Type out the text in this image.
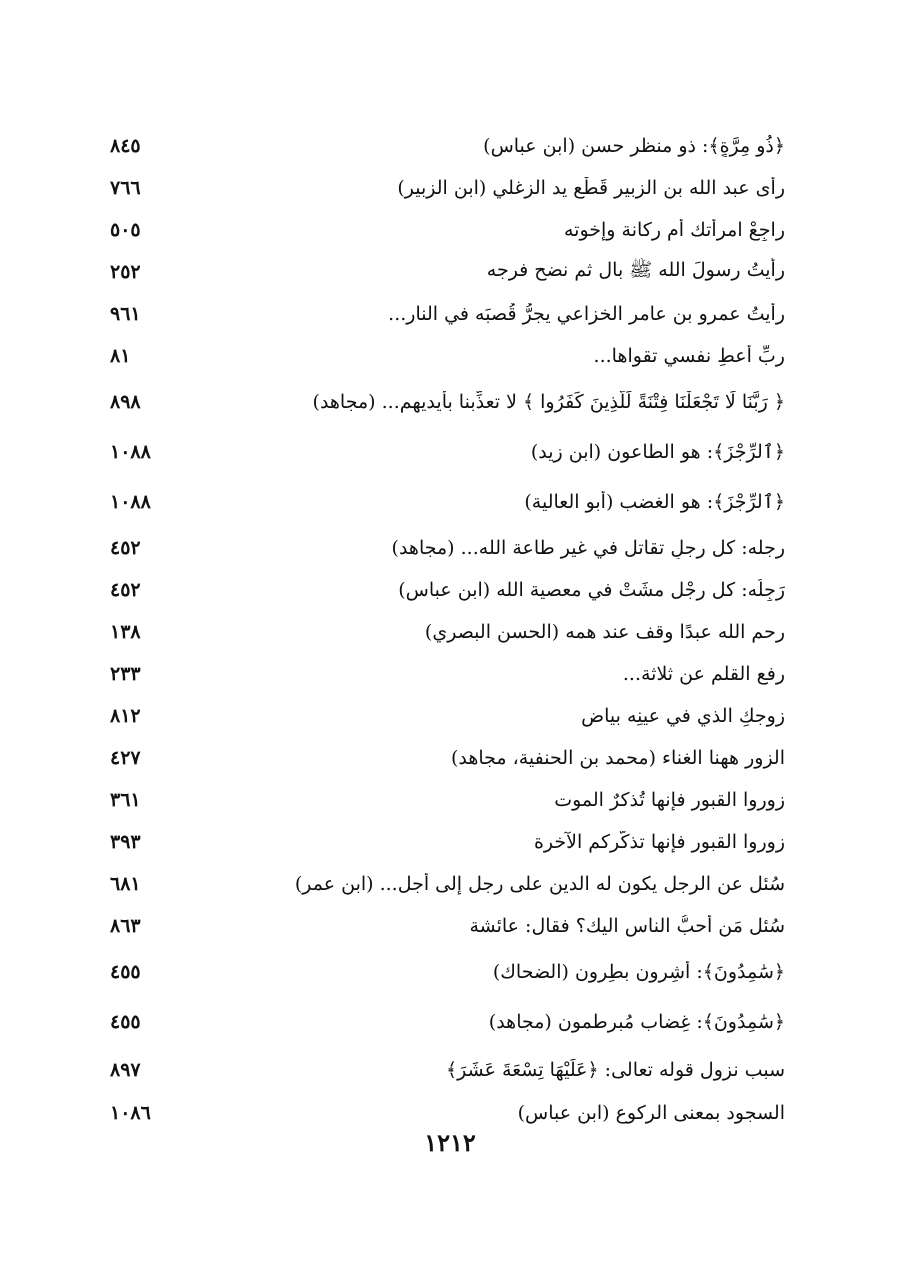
﴿ذُو مِرَّةٍ﴾: ذو منظر حسن (ابن عباس)
٨٤٥
رأى عبد الله بن الزبير قَطْع يد الزغلي (ابن الزبير)
٧٦٦
راجِعْ امرأتك أم ركانة وإخوته
٥٠٥
رأيتُ رسولَ الله ﷺ بال ثم نضح فرجه
٢٥٢
رأيتُ عمرو بن عامر الخزاعي يجرُّ قُصبَه في النار...
٩٦١
ربِّ أعطِ نفسي تقواها...
٨١
﴿ رَبَّنَا لَا تَجْعَلْنَا فِتْنَةً لِّلَّذِينَ كَفَرُوا ﴾ لا تعذِّبنا بأيديهم... (مجاهد)
٨٩٨
﴿ٱلرِّجْزَ﴾: هو الطاعون (ابن زيد)
١٠٨٨
﴿ٱلرِّجْزَ﴾: هو الغضب (أبو العالية)
١٠٨٨
رجله: كل رجلٍ تقاتل في غير طاعة الله... (مجاهد)
٤٥٢
رَجِلُه: كل رِجْل مشَتْ في معصية الله (ابن عباس)
٤٥٢
رحم الله عبدًا وقف عند همه (الحسن البصري)
١٣٨
رفع القلم عن ثلاثة...
٢٣٣
زوجكِ الذي في عينِه بياض
٨١٢
الزور ههنا الغناء (محمد بن الحنفية، مجاهد)
٤٢٧
زوروا القبور فإنها تُذكرٌ الموت
٣٦١
زوروا القبور فإنها تذكّركم الآخرة
٣٩٣
سُئل عن الرجل يكون له الدين على رجل إلى أجل... (ابن عمر)
٦٨١
سُئل مَن أحبُّ الناس اليك؟ فقال: عائشة
٨٦٣
﴿سَٰمِدُونَ﴾: أشِرون بطِرون (الضحاك)
٤٥٥
﴿سَٰمِدُونَ﴾: غِضاب مُبرطمون (مجاهد)
٤٥٥
سبب نزول قوله تعالى: ﴿عَلَيْهَا تِسْعَةَ عَشَرَ﴾
٨٩٧
السجود بمعنى الركوع (ابن عباس)
١٠٨٦
١٢١٢
